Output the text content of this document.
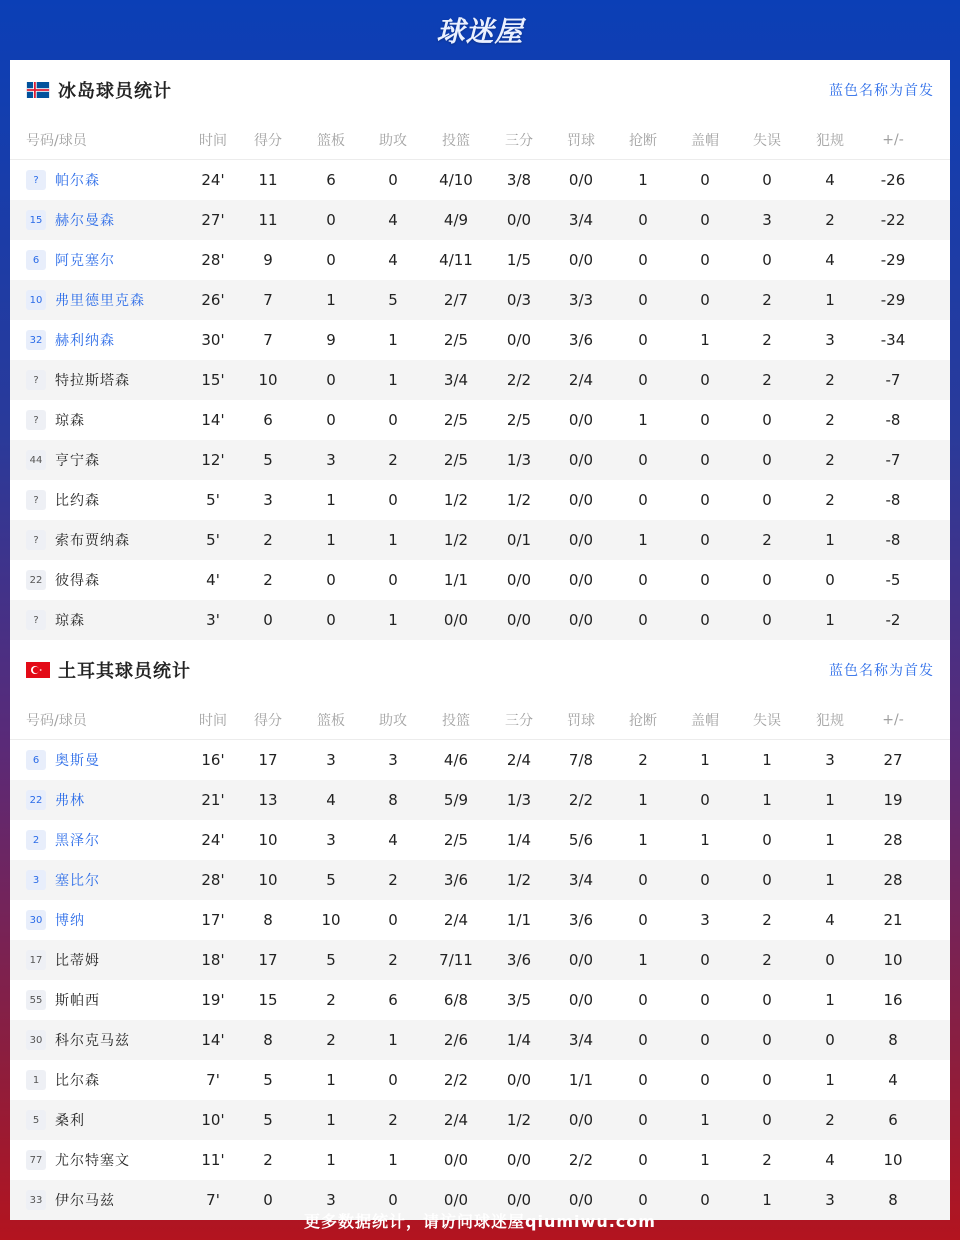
球迷屋
冰岛球员统计	蓝色名称为首发
号码/球员	时间	得分	篮板	助攻	投篮	三分	罚球	抢断	盖帽	失误	犯规	+/-
?	帕尔森	24'	11	6	0	4/10	3/8	0/0	1	0	0	4	-26
15 赫尔曼森	27'	11	0	4	4/9	0/0	3/4	0	0	3	2	-22
6	阿克塞尔	28'	9	0	4	4/11	1/5	0/0	0	0	0	4	-29
10 弗里德里克森	26'	7	1	5	2/7	0/3	3/3	0	0	2	1	-29
32 赫利纳森	30'	7	9	1	2/5	0/0	3/6	0	1	2	3	-34
?	特拉斯塔森	15'	10	0	1	3/4	2/2	2/4	0	0	2	2	-7
?	琼森	14'	6	0	0	2/5	2/5	0/0	1	0	0	2	-8
44 亨宁森	12'	5	3	2	2/5	1/3	0/0	0	0	0	2	-7
?	比约森	5'	3	1	0	1/2	1/2	0/0	0	0	0	2	-8
?	索布贾纳森	5'	2	1	1	1/2	0/1	0/0	1	0	2	1	-8
22 彼得森	4'	2	0	0	1/1	0/0	0/0	0	0	0	0	-5
?	琼森	3'	0	0	1	0/0	0/0	0/0	0	0	0	1	-2
土耳其球员统计	蓝色名称为首发
号码/球员	时间	得分	篮板	助攻	投篮	三分	罚球	抢断	盖帽	失误	犯规	+/-
6	奥斯曼	16'	17	3	3	4/6	2/4	7/8	2	1	1	3	27
22 弗林	21'	13	4	8	5/9	1/3	2/2	1	0	1	1	19
2	黑泽尔	24'	10	3	4	2/5	1/4	5/6	1	1	0	1	28
3	塞比尔	28'	10	5	2	3/6	1/2	3/4	0	0	0	1	28
30 博纳	17'	8	10	0	2/4	1/1	3/6	0	3	2	4	21
17 比蒂姆	18'	17	5	2	7/11	3/6	0/0	1	0	2	0	10
55 斯帕西	19'	15	2	6	6/8	3/5	0/0	0	0	0	1	16
30 科尔克马兹	14'	8	2	1	2/6	1/4	3/4	0	0	0	0	8
1	比尔森	7'	5	1	0	2/2	0/0	1/1	0	0	0	1	4
5	桑利	10'	5	1	2	2/4	1/2	0/0	0	1	0	2	6
77 尤尔特塞文	11'	2	1	1	0/0	0/0	2/2	0	1	2	4	10
33 伊尔马兹	7'	0	3	0	0/0	0/0	0/0	0	0	1	3	8
更多数据统计，请访问球迷屋qiumiwu.com
